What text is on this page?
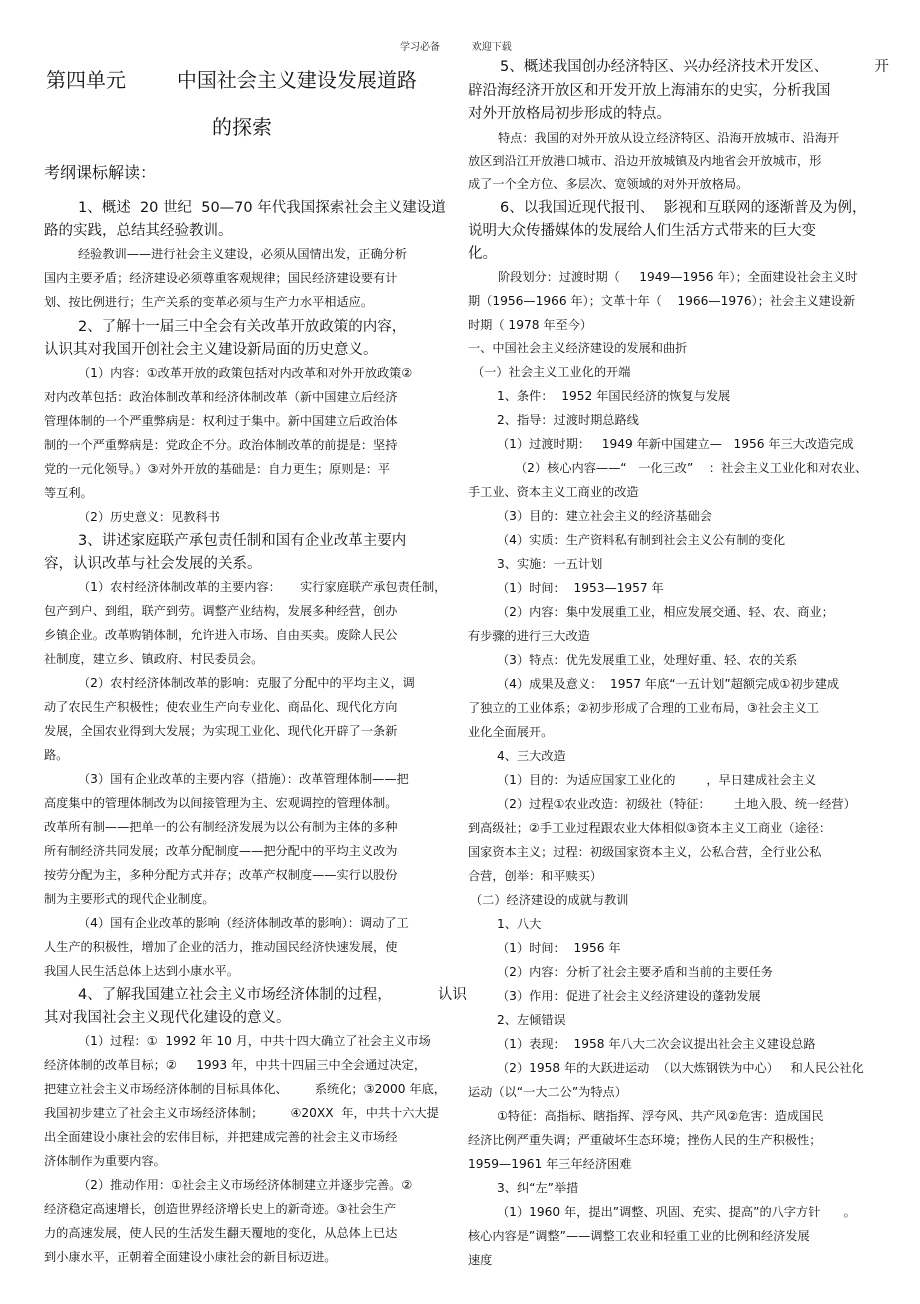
学习必备          欢迎下载
第四单元        中国社会主义建设发展道路
的探索
考纲课标解读：
1、概述  20 世纪  50—70 年代我国探索社会主义建设道
路的实践，总结其经验教训。
经验教训——进行社会主义建设，必须从国情出发，正确分析
国内主要矛盾；经济建设必须尊重客观规律；国民经济建设要有计
划、按比例进行；生产关系的变革必须与生产力水平相适应。
2、了解十一届三中全会有关改革开放政策的内容，
认识其对我国开创社会主义建设新局面的历史意义。
（1）内容：①改革开放的政策包括对内改革和对外开放政策②
对内改革包括：政治体制改革和经济体制改革（新中国建立后经济
管理体制的一个严重弊病是：权利过于集中。新中国建立后政治体
制的一个严重弊病是：党政企不分。政治体制改革的前提是：坚持
党的一元化领导。）③对外开放的基础是：自力更生；原则是：平
等互利。
（2）历史意义：见教科书
3、讲述家庭联产承包责任制和国有企业改革主要内
容，认识改革与社会发展的关系。
（1）农村经济体制改革的主要内容：     实行家庭联产承包责任制，
包产到户、到组，联产到劳。调整产业结构，发展多种经营，创办
乡镇企业。改革购销体制，允许进入市场、自由买卖。废除人民公
社制度，建立乡、镇政府、村民委员会。
（2）农村经济体制改革的影响：克服了分配中的平均主义，调
动了农民生产积极性；使农业生产向专业化、商品化、现代化方向
发展，全国农业得到大发展；为实现工业化、现代化开辟了一条新
路。
（3）国有企业改革的主要内容（措施）：改革管理体制——把
高度集中的管理体制改为以间接管理为主、宏观调控的管理体制。
改革所有制——把单一的公有制经济发展为以公有制为主体的多种
所有制经济共同发展；改革分配制度——把分配中的平均主义改为
按劳分配为主，多种分配方式并存；改革产权制度——实行以股份
制为主要形式的现代企业制度。
（4）国有企业改革的影响（经济体制改革的影响）：调动了工
人生产的积极性，增加了企业的活力，推动国民经济快速发展，使
我国人民生活总体上达到小康水平。
4、了解我国建立社会主义市场经济体制的过程，          认识
其对我国社会主义现代化建设的意义。
（1）过程：①  1992 年 10 月，中共十四大确立了社会主义市场
经济体制的改革目标；②     1993 年，中共十四届三中全会通过决定，
把建立社会主义市场经济体制的目标具体化、       系统化；③2000 年底，
我国初步建立了社会主义市场经济体制；       ④20XX  年，中共十六大提
出全面建设小康社会的宏伟目标，并把建成完善的社会主义市场经
济体制作为重要内容。
（2）推动作用：①社会主义市场经济体制建立并逐步完善。②
经济稳定高速增长，创造世界经济增长史上的新奇迹。③社会生产
力的高速发展，使人民的生活发生翻天覆地的变化，从总体上已达
到小康水平，正朝着全面建设小康社会的新目标迈进。
5、概述我国创办经济特区、兴办经济技术开发区、          开
辟沿海经济开放区和开发开放上海浦东的史实，分析我国
对外开放格局初步形成的特点。
特点：我国的对外开放从设立经济特区、沿海开放城市、沿海开
放区到沿江开放港口城市、沿边开放城镇及内地省会开放城市，形
成了一个全方位、多层次、宽领域的对外开放格局。
6、以我国近现代报刊、  影视和互联网的逐渐普及为例，
说明大众传播媒体的发展给人们生活方式带来的巨大变
化。
阶段划分：过渡时期（     1949—1956 年）；全面建设社会主义时
期（1956—1966 年）；文革十年（    1966—1976）；社会主义建设新
时期（ 1978 年至今）
一、中国社会主义经济建设的发展和曲折
（一）社会主义工业化的开端
1、条件：  1952 年国民经济的恢复与发展
2、指导：过渡时期总路线
（1）过渡时期：   1949 年新中国建立—   1956 年三大改造完成
（2）核心内容——“   一化三改”    ：社会主义工业化和对农业、
手工业、资本主义工商业的改造
（3）目的：建立社会主义的经济基础会
（4）实质：生产资料私有制到社会主义公有制的变化
3、实施：一五计划
（1）时间：  1953—1957 年
（2）内容：集中发展重工业，相应发展交通、轻、农、商业；
有步骤的进行三大改造
（3）特点：优先发展重工业，处理好重、轻、农的关系
（4）成果及意义：  1957 年底“一五计划”超额完成①初步建成
了独立的工业体系；②初步形成了合理的工业布局，③社会主义工
业化全面展开。
4、三大改造
（1）目的：为适应国家工业化的        ，早日建成社会主义
（2）过程①农业改造：初级社（特征：      土地入股、统一经营）
到高级社；②手工业过程跟农业大体相似③资本主义工商业（途径：
国家资本主义；过程：初级国家资本主义，公私合营，全行业公私
合营，创举：和平赎买）
（二）经济建设的成就与教训
1、八大
（1）时间：  1956 年
（2）内容：分析了社会主要矛盾和当前的主要任务
（3）作用：促进了社会主义经济建设的蓬勃发展
2、左倾错误
（1）表现：  1958 年八大二次会议提出社会主义建设总路
（2）1958 年的大跃进运动  （以大炼钢铁为中心）   和人民公社化
运动（以“一大二公”为特点）
①特征：高指标、瞎指挥、浮夸风、共产风②危害：造成国民
经济比例严重失调；严重破坏生态环境；挫伤人民的生产积极性；
1959—1961 年三年经济困难
3、纠“左”举措
（1）1960 年，提出”调整、巩固、充实、提高”的八字方针      。
核心内容是”调整”——调整工农业和轻重工业的比例和经济发展
速度
